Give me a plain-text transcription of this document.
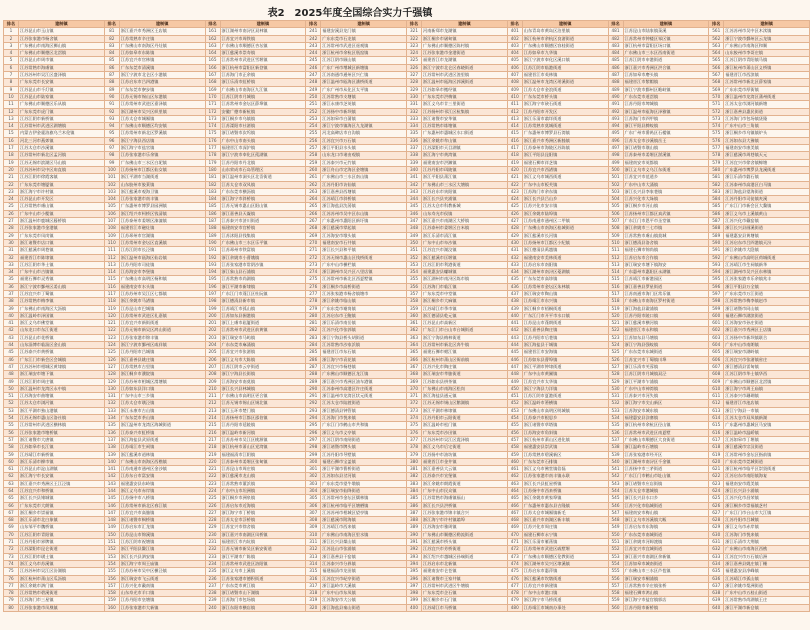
表2　2025年度全国综合实力千强镇
排名	建制镇	排名	建制镇	排名	建制镇	排名	建制镇	排名	建制镇	排名	建制镇	排名	建制镇	排名	建制镇
1	江苏昆山市玉山镇	81	浙江嘉兴市秀洲区王店镇	161	浙江湖州市南浔区双林镇	241	福建安溪县龙门镇	321	河南新郑市龙湖镇	401	山东青岛市黄岛区泊里镇	481	江苏昆山市陆家镇菉溪	561	江苏苏州市吴中区木渎镇
2	江苏张家港市杨舍镇	82	江苏常熟市辛庄镇	162	江苏宜兴市周铁镇	242	广东东莞市石龙镇	322	浙江桐乡市屠甸镇	402	浙江杭州市余杭区良渚街道	482	江苏常州市钟楼区邹区镇	562	浙江宁波市鄞州区云龙镇
3	广东佛山市南海区狮山镇	83	广东佛山市南海区丹灶镇	163	广东佛山市顺德区杏坛镇	243	江苏常州市武进区遥观镇	323	广东佛山市顺德区陈村镇	403	广东佛山市顺德区容桂街道	483	浙江杭州市富阳区场口镇	563	广东佛山市南海区和顺
4	广东佛山市顺德区北滘镇	84	江苏如皋市东陈镇	164	浙江慈溪市崇寿镇	244	浙江杭州市余杭区瓶窑镇	324	江苏张家港市金港街道	404	江苏如皋市九华镇	484	广东佛山市三水区西南街道	564	山东胶州市李哥庄镇
5	江苏昆山市周市镇	85	江苏宜兴市官林镇	165	江苏常州市武进区雪堰镇	245	江苏江阴市顾山镇	325	福建晋江市龙湖镇	405	浙江宁波市奉化区溪口镇	485	江苏江阴市申港街道	565	江苏江阴市青阳镇马镇
6	江苏常熟市海虞镇	86	广东东莞市清溪镇	166	浙江杭州市富阳区新登镇	246	广东广州市增城区新塘镇	326	浙江宁波市北仑区春晓街道	406	江苏江阴市临港街道	486	浙江嘉兴市秀洲区洪合镇	566	浙江杭州市萧山区义桥镇
7	江苏苏州市吴江区盛泽镇	87	浙江宁波市北仑区小港镇	167	江苏海门市正余镇	247	江苏南通市通州区兴仁镇	327	江苏常州市武进区湟里镇	407	福建晋江市英林镇	487	江苏如皋市磨头镇	567	福建晋江市西滨镇
8	广东东莞市长安镇	88	江苏启东市吕四港镇	168	浙江乐清市虹桥镇	248	浙江温州市瓯海区潘桥街道	328	浙江温州市瓯海区郭溪街道	408	浙江温州市龙湾区瑶溪街道	488	福建晋江市紫帽镇	568	江苏常州市新北区薛家镇
9	江苏昆山市千灯镇	89	广东东莞市寮步镇	169	广东佛山市南海区九江镇	249	广东广州市从化区太平镇	329	江苏如皋市搬经镇	409	江苏太仓市金浪街道	489	浙江宁波市鄞州区瞻岐镇	569	广东东莞市厚街镇
10	江苏昆山市陆家镇	90	江苏无锡市锡山区东港镇	170	江苏江阴市月城镇	250	江苏常熟市支塘镇	330	广东东莞市洪梅镇	410	广东东莞市桥头镇	490	广东东莞市道滘镇	570	浙江温州市龙湾区蒲州街道
11	广东佛山市顺德区乐从镇	91	江苏常州市武进区嘉泽镇	171	江苏常州市金坛区薛埠镇	251	浙江永康市芝英镇	331	浙江义乌市廿三里街道	411	浙江海宁市硖石街道	491	江苏丹阳市埤城镇	571	江苏太仓市浏河镇新塘
12	广东东莞市虎门镇	92	浙江湖州市吴兴区织里镇	172	安徽广德市新杭镇	252	江苏扬中市新坝镇	332	江苏扬州市邗江区杭集镇	412	江苏丹阳市开发区	492	浙江温州市瓯海区泽雅镇	572	浙江嘉善县惠民街道
13	江苏江阴市新桥镇	93	江苏太仓市城厢镇	173	浙江桐乡市乌镇镇	253	江苏如皋市白蒲镇	333	浙江诸暨市安华镇	413	浙江乐清市翁垟街道	493	江苏海门市四甲镇	573	江苏海门市包场镇货隆
14	江苏常州市武进区湖塘镇	94	广东佛山市顺德区均安镇	174	江苏溧阳市社渚镇	254	浙江宁波市镇海区九龙湖镇	334	江苏常熟市练塘镇	414	江苏常熟市莫城街道	494	浙江平阳县腾蛟镇	574	广东中山市三角镇
15	内蒙古伊金霍洛旗乌兰木伦镇	95	江苏常州市新北区罗溪镇	175	浙江诸暨市次坞镇	255	河北高碑店市白沟镇	335	广东惠州市惠城区水口街道	415	广东惠州市博罗县石湾镇	495	广东广州市番禺区石楼镇	575	浙江桐乡市乌镇镇炉头
16	河北三河市燕郊镇	96	浙江宁海县西店镇	176	广东中山市南头镇	256	江苏宜兴市万石镇	336	浙江余姚市牟山镇	416	浙江嘉兴市秀洲区新塍镇	496	江苏太仓市沙溪镇岳王	576	江苏如东县大豫镇
17	江苏太仓市沙溪镇	97	浙江海宁市盐官镇	177	福建晋江市深沪镇	257	浙江平阳县水头镇	337	江苏溧阳市天目湖镇	417	江苏泰州市海陵区苏陈镇	497	浙江诸暨市璜山镇	577	福建南安市康美镇
18	江苏常州市新北区孟河镇	98	江苏张家港市乐余镇	178	浙江宁波市奉化区莼湖镇	258	山东龙口市诸由观镇	338	浙江海宁市黄湾镇	418	浙江平阳县昆阳镇	498	江苏泰州市姜堰区淤溪镇	578	浙江慈溪市周巷镇天元
19	江苏无锡市滨湖区马山镇	99	广东佛山市三水区白坭镇	179	江苏丹阳市丹北镇	259	江苏泰兴市元竹镇	339	福建南安市洪濑镇	419	福建石狮市祥芝镇	499	福建南安市英都镇	579	江苏宜兴市徐舍镇鲸塘
20	江苏苏州市吴中区甪直镇	100	江苏扬州市江都区仙女镇	180	山东荣成市石岛管理区	260	浙江舟山市定海区金塘镇	340	江苏丹阳市珥陵镇	420	江苏宜兴市西渚镇	500	浙江义乌市义乌江东街道	580	广东惠州市博罗县龙溪街道
21	江苏江阴市徐霞客镇	101	浙江平湖市当湖街道	181	浙江温州市洞头区北岙街道	261	广东佛山市三水区南山镇	341	浙江平阳县萧江镇	421	浙江义乌市城西街道	501	江苏宜兴市范道乡	581	浙江乐清市磐石镇
22	广东东莞市塘厦镇	102	山东胶州市胶莱镇	182	江苏太仓市双凤镇	262	江苏丹阳市访仙镇	342	广东佛山市三水区大塘镇	422	广东中山市板芙镇	502	广东中山市大涌镇	582	江苏泰州市高港区白马镇
23	浙江海宁市许村镇	103	浙江慈溪市观海卫镇	183	广东东莞市横沥镇	263	浙江嘉善县西塘镇	343	江苏启东市寅阳镇	423	江苏海门市余东镇	503	浙江长兴县李家巷镇	583	浙江海盐县望海街道
24	江苏昆山市开发区	104	江苏张家港市南丰镇	184	浙江海宁市斜桥镇	264	江苏靖江市斜桥镇	344	浙江长兴县夹浦镇	424	浙江长兴县吕山乡	504	江苏兴化市大垛镇	584	江苏丹阳市司徒镇麦溪
25	江苏常熟市虞山镇	105	广东惠州市博罗县园洲镇	185	江苏无锡市惠山区阳山镇	265	浙江海盐县沈荡镇	345	江苏太仓市科教新城	425	江苏兴化市安丰镇	505	浙江桐乡市河山镇	585	广东江门市新会区大鳌镇
26	广东中山市小榄镇	106	浙江绍兴市柯桥区钱清镇	186	浙江嘉善县天凝镇	266	江苏苏州市吴中区东山镇	346	山东寿光市侯镇	426	浙江余姚市陆埠镇	506	江苏扬州市江都区真武镇	586	浙江义乌市上溪镇黄山
27	浙江温州市鹿城区藤桥镇	107	江苏泰州市姜堰区溱潼镇	187	江苏泰兴市济川街道	267	广东惠州市惠阳区新圩镇	347	浙江嘉兴市南湖区大桥镇	427	江苏南通市通州区二甲镇	507	广东江门市恩平市圣堂镇	587	江苏兴化市戴窑镇
28	江苏张家港市金港镇	108	福建晋江市磁灶镇	188	福建南安市官桥镇	268	浙江慈溪市掌起镇	348	江苏泰州市姜堰区白米镇	428	广东佛山市南海区桂城街道	508	浙江余姚市三七市镇	588	浙江长兴县画溪街道
29	广东东莞市凤岗镇	109	江苏邳州市官湖镇	189	江苏沭阳县钱集镇	269	江苏海安市墩头镇	349	浙江乐清市清江镇	429	浙江慈溪市长河镇	509	江苏常熟市虞山镇莫城	589	福建惠安县黄塘镇
30	浙江诸暨市店口镇	110	江苏常州市金坛区直溪镇	190	广东佛山市三水区乐平镇	270	福建南安市石井镇	350	广东中山市阜沙镇	430	江苏扬州市江都区小纪镇	510	浙江德清县洛舍镇	590	江苏启东市吕四港镇天汾
31	浙江慈溪市周巷镇	111	江苏江阴市长泾镇	191	江苏邳州市铁富镇	271	浙江长兴县和平镇	351	江苏宜兴市湖㳇镇	431	浙江德清县禹越镇	511	福建石狮市锦尚镇	591	浙江余姚市大隐镇
32	福建晋江市陈埭镇	112	浙江温州市瓯海区仙岩镇	192	浙江余姚市小曹娥镇	272	江苏无锡市惠山区钱桥街道	352	浙江慈溪市匡堰镇	432	福建南安市美林街道	512	江苏启东市合作镇	592	广东佛山市高明区荷城街道
33	江苏江阴市华士镇	113	江苏丹阳市司徒镇	193	江苏张家港市常阴沙镇	273	广东中山市横栏镇	353	江苏江阴市利港街道	433	江苏启东市南阳镇	513	浙江瑞安市塘下镇海安	593	江苏靖江市生祠镇新华
34	广东中山市古镇镇	114	江苏海安市李堡镇	194	浙江象山县石浦镇	274	浙江湖州市吴兴区八里店镇	354	福建惠安县螺城镇	434	浙江湖州市南浔区菱湖镇	514	广东惠州市惠阳区永湖镇	594	浙江湖州市吴兴区东林镇
35	福建石狮市灵秀镇	115	广东佛山市高明区杨和镇	195	江苏常熟市尚湖镇	275	江苏常州市新北区西夏墅镇	355	浙江湖州市南浔区练市镇	435	广东东莞市高埗镇	515	江苏靖江市新港园区	595	江苏张家港市乐余镇兆丰
36	浙江宁波市鄞州区姜山镇	116	福建南安市水头镇	196	浙江平湖市新埭镇	276	浙江桐乡市高桥街道	356	江苏海门市临江镇	436	江苏常州市金坛区朱林镇	516	浙江嘉善县罗星街道	596	浙江平阳县万全镇
37	江苏宜兴市丁蜀镇	117	江苏苏州市吴江区七都镇	197	广东江门市蓬江区杜阮镇	277	江苏张家港市杨舍镇塘市	357	广东东莞市中堂镇	437	浙江瑞安市陶山镇	517	江苏南通市海门区常乐镇	597	广东东莞市万江街道
38	江苏常熟市梅李镇	118	浙江余姚市马渚镇	198	浙江德清县新市镇	278	浙江余姚市临山镇	358	浙江桐乡市大麻镇	438	江苏靖江市东兴镇	518	广东佛山市南海区罗村街道	598	江苏常熟市梅李镇赵市
39	广东佛山市南海区大沥镇	119	江苏昆山市巴城镇	199	江苏靖江市孤山镇	279	广东东莞市谢岗镇	359	江苏靖江市季市镇	439	浙江桐乡市梧桐街道	519	浙江海盐县澉浦镇	599	浙江诸暨市同山镇
40	浙江温岭市泽国镇	120	江苏常州市武进区礼嘉镇	200	江苏如东县掘港镇	280	江苏启东市王鲍镇	360	浙江德清县乾元镇	440	广东江门市开平市水口镇	520	江苏丹阳市陵口镇	600	福建石狮市湖滨街道
41	浙江义乌市佛堂镇	121	江苏宜兴市新街街道	201	浙江上虞市崧厦街道	281	浙江乐清市南岳镇	361	江苏昆山市高新区	441	江苏昆山市蓬朗街道	521	浙江慈溪市横河镇	601	江苏海安市孙庄街道
42	山东龙口市东江街道	122	江苏无锡市新吴区鸿山街道	202	江苏常州市武进区前黄镇	282	江苏兴化市张郭镇	362	广东江门市台山市台城街道	442	浙江嘉善县陶庄镇	522	福建晋江市永和镇	602	浙江嘉兴市秀洲区王店镇
43	江苏昆山市花桥镇	123	江苏张家港市锦丰镇	203	浙江瑞安市马屿镇	283	浙江宁海县桥头胡街道	363	浙江宁海县梅林街道	443	江苏丹阳市后巷镇	523	江苏如东县马塘镇	603	江苏扬中市新坝镇联合
44	山东淄博市临淄区金山镇	124	浙江宁波市鄞州区咸祥镇	204	广东东莞市麻涌镇	284	江苏常熟市沙家浜镇	364	江苏常州市新北区奔牛镇	444	浙江海盐县于城镇	524	浙江宁海县强蛟镇	604	广东中山市南朗镇
45	江苏泰兴市黄桥镇	125	江苏丹阳市吕城镇	205	江苏宜兴市张渚镇	285	福建晋江市东石镇	365	福建石狮市蚶江镇	445	福建晋江市安海镇	525	广东东莞市东城街道	605	浙江瑞安市湖岭镇
46	广东江门市新会区会城镇	126	浙江嘉善县姚庄镇	206	浙江义乌市大陈镇	286	浙江海宁市袁花镇	366	浙江杭州市萧山区衙前镇	446	江苏如东县曹埠镇	526	江苏宜兴市丁蜀镇川埠	606	江苏宜兴市张渚镇省庄
47	江苏苏州市相城区黄埭镇	127	江苏常熟市古里镇	207	江苏江阴市云亭街道	287	江苏宜兴市杨巷镇	367	江苏兴化市陶庄镇	447	浙江平湖市钟埭街道	527	浙江乐清市芙蓉镇	607	浙江德清县雷甸镇
48	浙江瑞安市塘下镇	128	浙江桐乡市濮院镇	208	浙江宁海县长街镇	288	广东佛山市顺德区龙江镇	368	浙江瑞安市莘塍街道	448	广东中山市黄圃镇	528	江苏江阴市月城镇双泾	608	江苏江阴市华士镇华西
49	江苏江阴市周庄镇	129	江苏苏州市相城区渭塘镇	209	江苏海安市南莫镇	289	浙江嘉兴市秀洲区油车港镇	369	江苏如东县栟茶镇	449	江苏宜兴市太华镇	529	浙江平湖市乍浦镇	609	广东佛山市顺德区北滘镇
50	浙江温州市龙湾区永中镇	130	江苏如东县洋口镇	210	浙江长兴县林城镇	290	江苏泰州市高港区许庄街道	370	广东佛山市南海区松岗	450	浙江宁海县力洋镇	530	广东中山市神湾镇	610	浙江海宁市周王庙镇
51	江苏海安市曲塘镇	131	广东中山市三乡镇	211	广东佛山市高明区更合镇	291	浙江温州市龙湾区状元街道	371	浙江海盐县通元镇	451	江苏江阴市夏港街道	531	江苏泰兴市河失镇	611	江苏泰兴市珊瑚镇
52	江苏太仓市浏河镇	132	江苏太仓市璜泾镇	212	江苏无锡市锡山区锡北镇	292	江苏太仓市陆渡街道	372	江苏无锡市锡山区鹅湖镇	452	浙江温岭市箬横镇	532	浙江海宁市尖山新区	612	福建晋江市池店镇
53	浙江平湖市独山港镇	133	浙江永康市古山镇	213	浙江玉环市楚门镇	293	浙江德清县钟管镇	373	浙江平湖市林埭镇	453	广东佛山市高明区明城镇	533	江苏海安市城东镇	613	浙江宁海县一市镇
54	江苏无锡市惠山区洛社镇	134	广东东莞市茶山镇	214	江苏扬州市江都区邵伯镇	294	江苏海门市悦来镇	374	江苏丹阳市云阳街道	454	江苏泰兴市根思乡	534	福建惠安县涂寨镇	614	江苏太仓市双凤镇新湖
55	江苏常州市武进区横林镇	135	浙江温州市龙湾区海城街道	215	江苏丹阳市延陵镇	295	广东江门市鹤山市共和镇	375	浙江温岭市松门镇	455	浙江诸暨市草塔镇	535	浙江杭州市余杭区径山镇	615	广东惠州市惠城区马安镇
56	江苏张家港市塘桥镇	136	江苏泰兴市虹桥镇	216	浙江温岭市新河镇	296	浙江义乌市义亭镇	376	广东东莞市沙田镇	456	江苏海安市角斜镇	536	江苏常州市武进区南夏墅	616	浙江温岭市温峤镇
57	浙江诸暨市大唐镇	137	浙江海盐县武原街道	217	江苏苏州市吴江区桃源镇	297	江苏江阴市南闸街道	377	江苏苏州市吴江区震泽镇	457	浙江杭州市萧山区进化镇	537	广东佛山市顺德区大良街道	617	江苏如皋市丁堰镇
58	江苏如皋市长江镇	138	江苏靖江市生祠镇	218	浙江杭州市萧山区党湾镇	298	浙江诸暨市牌头镇	378	浙江义乌市后宅街道	458	福建惠安县崇武镇	538	浙江温岭市石塘镇	618	浙江慈溪市宗汉街道
59	江苏靖江市新桥镇	139	浙江慈溪市逍林镇	219	福建福清市江阴镇	299	江苏丹阳市导墅镇	379	江苏扬中市油坊镇	459	江苏常熟市碧溪新区	539	江苏张家港市经开区	619	江苏常州市金坛区指前镇
60	浙江乐清市柳市镇	140	广东佛山市南海区西樵镇	220	江苏泰州市姜堰区张甸镇	300	福建石狮市宝盖镇	380	福建晋江市金井镇	460	广东东莞市石排镇	540	浙江湖州市南浔区千金镇	620	广东东莞市莞城街道
61	江苏昆山市淀山湖镇	141	江苏南通市通州区金沙镇	221	江苏昆山市周庄镇	301	浙江平湖市曹桥街道	381	浙江嘉善县大云镇	461	浙江义乌市佛堂镇倍磊	541	江苏扬中市三茅街道	621	浙江杭州市临平区崇贤街道
62	浙江海宁市长安镇	142	江苏东台市富安镇	222	浙江慈溪市龙山镇	302	江苏如东县岔河镇	382	江苏泰兴市宣堡镇	462	江苏张家港市南丰镇永联	542	广东江门市鹤山市址山镇	622	江苏启东市南阳镇海复
63	浙江嘉兴市秀洲区王江泾镇	143	福建惠安县东岭镇	223	江苏常熟市董浜镇	303	广东东莞市望牛墩镇	383	浙江余姚市朗霞街道	463	浙江长兴县虹星桥镇	543	浙江诸暨市应店街镇	623	福建南安市霞美镇
64	江苏宜兴市和桥镇	144	浙江义乌市赤岸镇	224	广东中山市坦洲镇	304	浙江瑞安市仙降街道	384	广东中山市民众镇	464	江苏扬中市西来桥镇	544	江苏太仓市港城镇	624	浙江长兴县小浦镇
65	浙江长兴县雉城镇	145	江苏扬中市八桥镇	225	浙江桐乡市洲泉镇	305	江苏常州市金坛区儒林镇	385	江苏常熟市海虞镇福山	465	浙江余姚市黄家埠镇	545	浙江长兴县水口乡	625	江苏兴化市昌荣镇
66	广东东莞市大朗镇	146	江苏常州市新北区春江镇	226	江苏启东市近海镇	306	浙江杭州市临平区塘栖镇	386	浙江长兴县洪桥镇	466	广东惠州市惠东县吉隆镇	546	江苏兴化市临城街道	626	浙江桐乡市崇福镇芝村
67	浙江桐乡市崇福镇	147	江苏宜兴市高塍镇	227	浙江海宁市丁桥镇	307	江苏苏州市相城区望亭镇	387	江苏张家港市锦丰镇合兴	467	江苏太仓市城厢镇新毛	547	福建南安市梅山镇	627	广东江门市台山市大江镇
68	浙江乐清市北白象镇	148	浙江诸暨市枫桥镇	228	江苏太仓市浮桥镇	308	浙江慈溪市附海镇	388	浙江海宁市许村镇翁埠	468	浙江嘉兴市南湖区新丰镇	548	浙江义乌市苏溪镇大畈	628	江苏丹阳市吕城镇
69	山东邹平市魏桥镇	149	江苏启东市汇龙镇	229	江苏宜兴市徐舍镇	309	江苏靖江市西来镇	389	江苏海安市雅周镇	469	江苏兴化市周庄镇	549	江苏启东市东海镇	629	浙江义乌市赤岸镇
70	江苏江阴市青阳镇	150	江苏昆山市锦溪镇	230	浙江嘉兴市南湖区凤桥镇	310	广东佛山市南海区里水镇	390	广东佛山市顺德区勒流街道	470	福建石狮市永宁镇	550	广东东莞市南城街道	630	江苏海门市悦来镇
71	江苏丹阳市界牌镇	151	江苏江阴市祝塘镇	231	福建晋江市内坑镇	311	浙江长兴县煤山镇	391	浙江慈溪市桥头镇	471	浙江乐清市雁荡镇	551	浙江余姚市河姆渡镇	631	浙江乐清市大荆镇
72	江苏溧阳市昆仑街道	152	浙江平阳县鳌江镇	232	江苏无锡市新吴区新安街道	312	江苏昆山市张浦镇	392	江苏宜兴市芳桥街道	472	江苏常州市武进区戚墅堰	552	江苏宜兴市宜城街道	632	广东佛山市南海区西樵
73	江苏江阴市璜土镇	153	浙江长兴县泗安镇	233	浙江平湖市广陈镇	313	浙江嘉善县干窑镇	393	浙江绍兴市越城区孙端街道	473	广东佛山市顺德区伦教街道	553	浙江嘉兴市南湖区余新镇	633	江苏宜兴市万石镇后洲
74	浙江义乌市苏溪镇	154	浙江海宁市周王庙镇	234	江苏常州市武进区洛阳镇	314	江苏泰兴市分界镇	394	江苏启东市北新镇	474	浙江湖州市吴兴区埭溪镇	554	江苏如皋市城南街道	634	浙江嘉善县姚庄镇丁栅
75	江苏苏州市吴江区汾湖镇	155	江苏苏州市吴中区横泾镇	235	浙江义乌市上溪镇	315	福建福清市龙田镇	395	福建南安市仑苍镇	475	江苏启东市惠萍镇	555	广东佛山市三水区芦苞镇	635	福建惠安县净峰镇
76	浙江杭州市萧山区瓜沥镇	156	浙江瑞安市飞云街道	236	江苏张家港市德积街道	316	江苏宜兴市屺亭街道	396	浙江诸暨市王家井镇	476	浙江慈溪市坎墩街道	556	浙江瑞安市桐浦镇	636	江苏靖江市孤山镇
77	浙江余姚市泗门镇	157	江苏兴化市戴南镇	237	广东东莞市黄江镇	317	浙江温岭市大溪镇	397	江苏常州市武进区牛塘镇	477	江苏宜兴市新建镇	557	江苏常熟市辛庄镇张桥	637	浙江余姚市梨洲街道
78	江苏常熟市碧溪街道	158	山东寿光市羊口镇	238	浙江诸暨市山下湖镇	318	广东中山市东凤镇	398	广东东莞市企石镇	478	广东中山市港口镇	558	福建石狮市鸿山镇	638	广东中山市五桂山街道
79	江苏海门市三星镇	159	江苏丹阳市皇塘镇	239	江苏海门市包场镇	319	江苏海安市大公镇	399	浙江桐乡市石门镇	479	浙江海宁市马桥街道	559	浙江海宁市盐官镇郭店	639	江苏常熟市尚湖镇王庄
80	江苏张家港市凤凰镇	160	江苏张家港市大新镇	240	浙江东阳市横店镇	320	浙江海盐县秦山街道	400	江苏靖江市马桥镇	480	江苏靖江市城南办事处	560	江苏丹阳市新桥镇	640	浙江平湖市新仓镇
